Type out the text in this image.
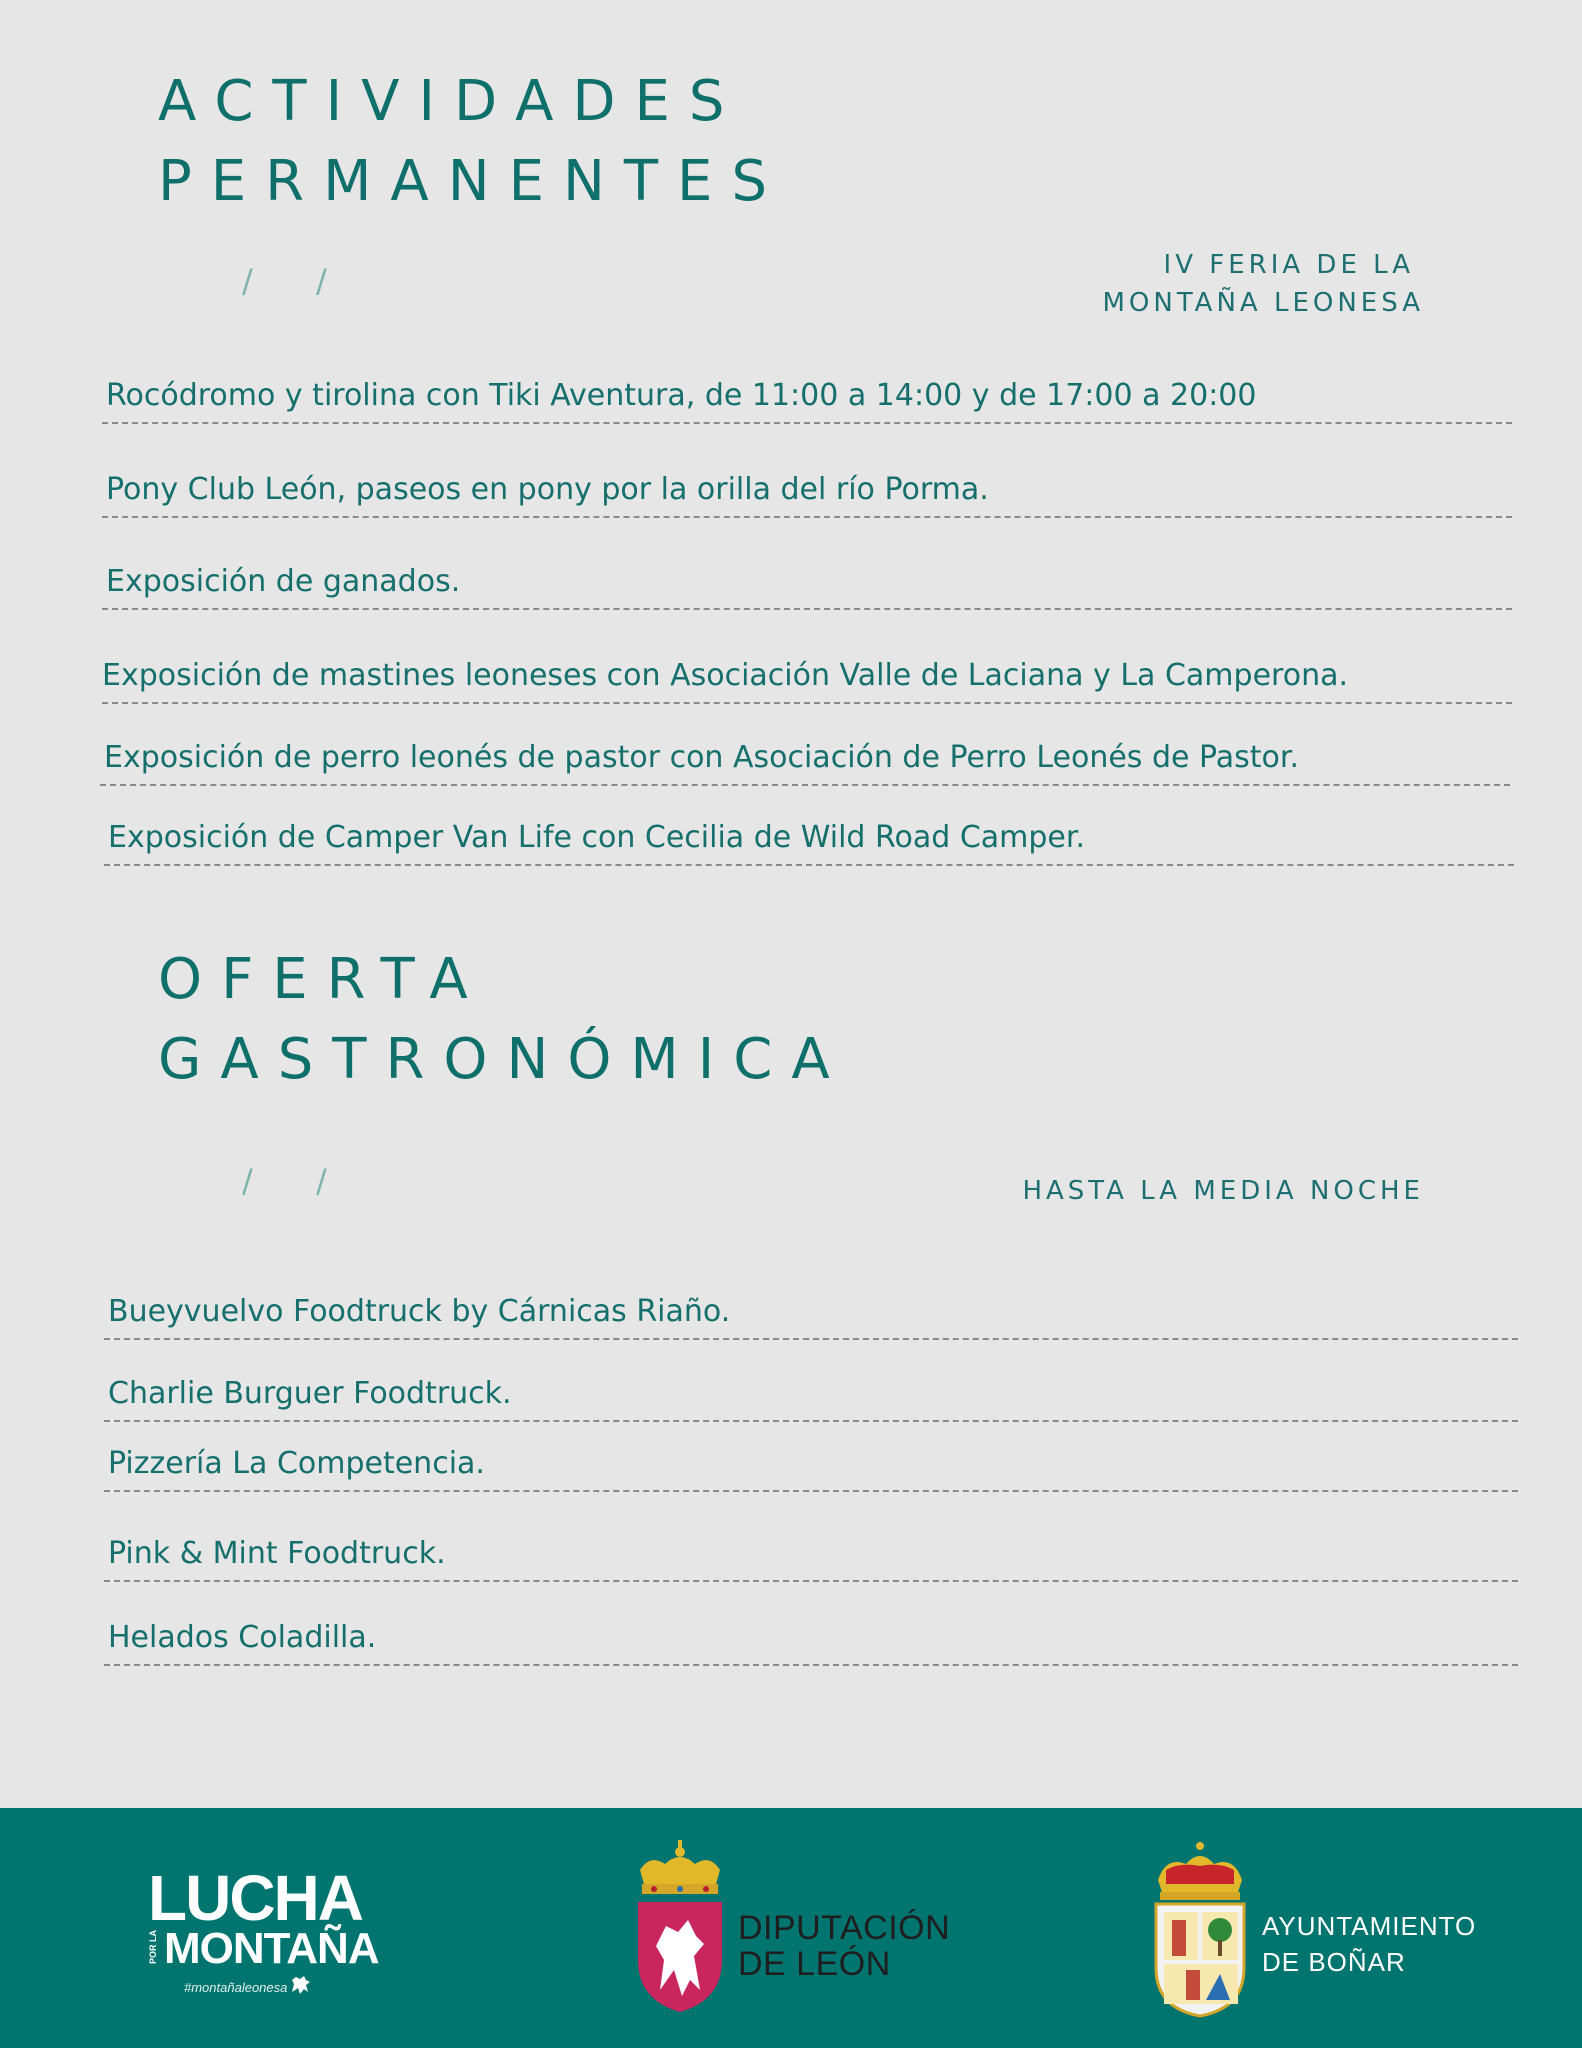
ACTIVIDADES
PERMANENTES
/ /	IV FERIA DE LA
MONTAÑA LEONESA
Rocódromo y tirolina con Tiki Aventura, de 11:00 a 14:00 y de 17:00 a 20:00
Pony Club León, paseos en pony por la orilla del río Porma.
Exposición de ganados.
Exposición de mastines leoneses con Asociación Valle de Laciana y La Camperona.
Exposición de perro leonés de pastor con Asociación de Perro Leonés de Pastor.
Exposición de Camper Van Life con Cecilia de Wild Road Camper.
OFERTA
GASTRONÓMICA
/ /	HASTA LA MEDIA NOCHE
Bueyvuelvo Foodtruck by Cárnicas Riaño.
Charlie Burguer Foodtruck.
Pizzería La Competencia.
Pink & Mint Foodtruck.
Helados Coladilla.
LUCHA
POR LA MONTAÑA
#montañaleonesa
DIPUTACIÓN
DE LEÓN
AYUNTAMIENTO
DE BOÑAR
